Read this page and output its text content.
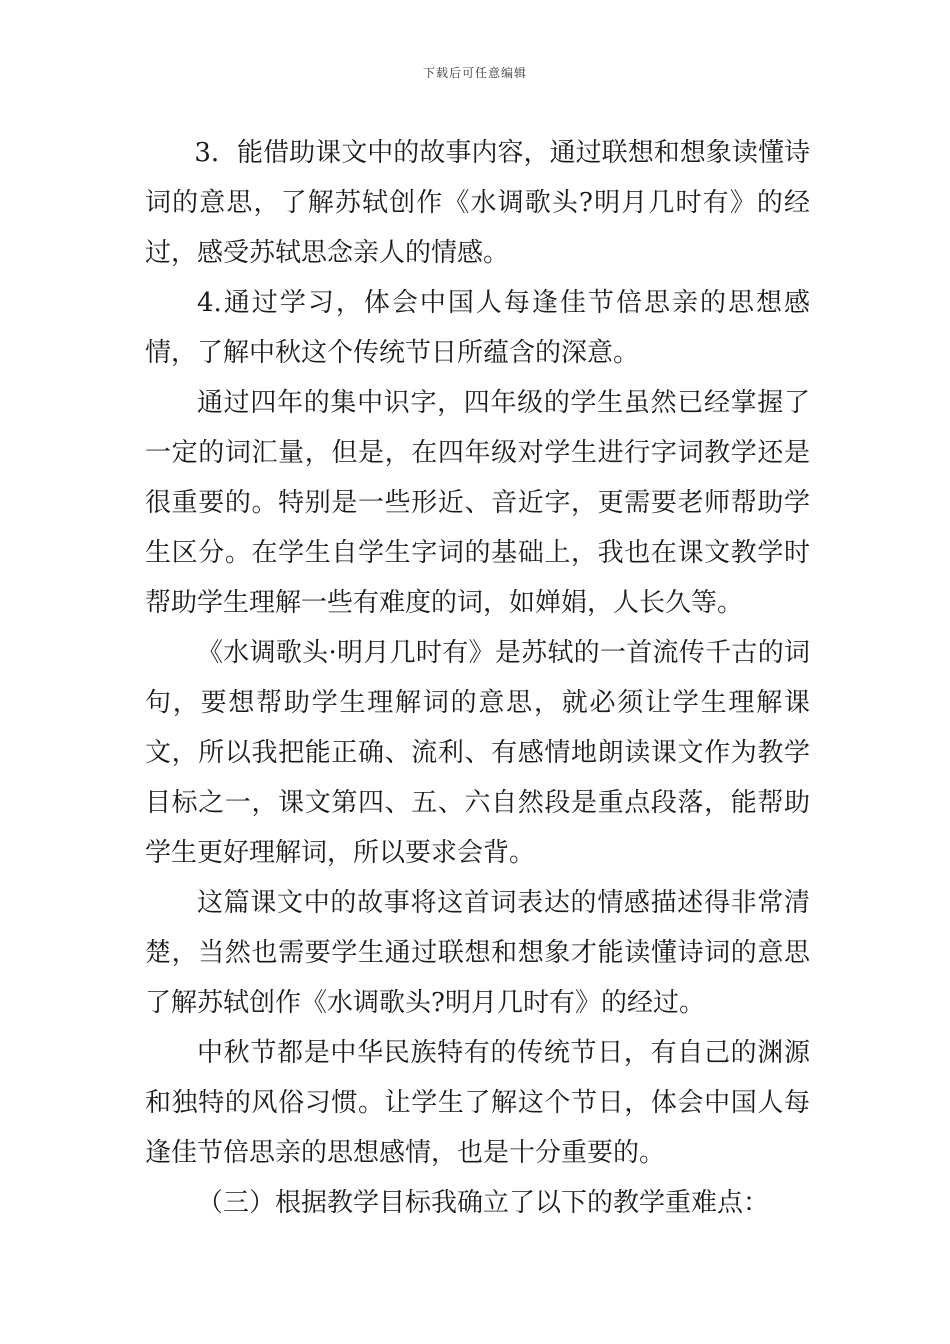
下载后可任意编辑

3．能借助课文中的故事内容，通过联想和想象读懂诗词的意思，了解苏轼创作《水调歌头?明月几时有》的经过，感受苏轼思念亲人的情感。

4.通过学习，体会中国人每逢佳节倍思亲的思想感情，了解中秋这个传统节日所蕴含的深意。

通过四年的集中识字，四年级的学生虽然已经掌握了一定的词汇量，但是，在四年级对学生进行字词教学还是很重要的。特别是一些形近、音近字，更需要老师帮助学生区分。在学生自学生字词的基础上，我也在课文教学时帮助学生理解一些有难度的词，如婵娟，人长久等。

《水调歌头·明月几时有》是苏轼的一首流传千古的词句，要想帮助学生理解词的意思，就必须让学生理解课文，所以我把能正确、流利、有感情地朗读课文作为教学目标之一，课文第四、五、六自然段是重点段落，能帮助学生更好理解词，所以要求会背。

这篇课文中的故事将这首词表达的情感描述得非常清楚，当然也需要学生通过联想和想象才能读懂诗词的意思了解苏轼创作《水调歌头?明月几时有》的经过。

中秋节都是中华民族特有的传统节日，有自己的渊源和独特的风俗习惯。让学生了解这个节日，体会中国人每逢佳节倍思亲的思想感情，也是十分重要的。

（三）根据教学目标我确立了以下的教学重难点：
